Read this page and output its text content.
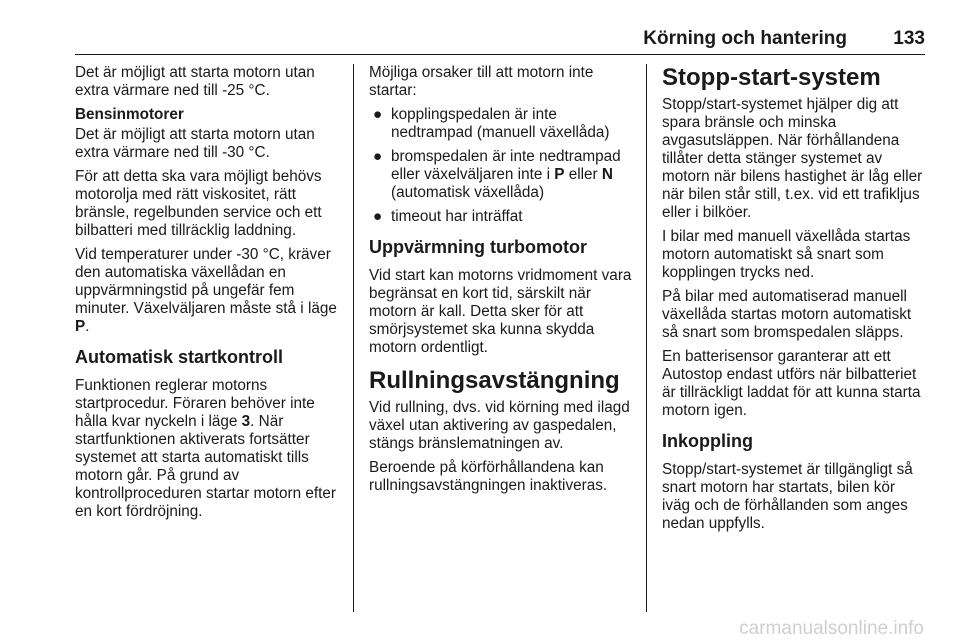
Körning och hantering 133

Det är möjligt att starta motorn utan extra värmare ned till -25 °C.

Bensinmotorer

Det är möjligt att starta motorn utan extra värmare ned till -30 °C.

För att detta ska vara möjligt behövs motorolja med rätt viskositet, rätt bränsle, regelbunden service och ett bilbatteri med tillräcklig laddning.

Vid temperaturer under -30 °C, kräver den automatiska växellådan en uppvärmningstid på ungefär fem minuter. Växelväljaren måste stå i läge P.

Automatisk startkontroll

Funktionen reglerar motorns startprocedur. Föraren behöver inte hålla kvar nyckeln i läge 3. När startfunktionen aktiverats fortsätter systemet att starta automatiskt tills motorn går. På grund av kontrollproceduren startar motorn efter en kort fördröjning.

Möjliga orsaker till att motorn inte startar:

● kopplingspedalen är inte nedtrampad (manuell växellåda)
● bromspedalen är inte nedtrampad eller växelväljaren inte i P eller N (automatisk växellåda)
● timeout har inträffat
Uppvärmning turbomotor

Vid start kan motorns vridmoment vara begränsat en kort tid, särskilt när motorn är kall. Detta sker för att smörjsystemet ska kunna skydda motorn ordentligt.

Rullningsavstängning

Vid rullning, dvs. vid körning med ilagd växel utan aktivering av gaspedalen, stängs bränslematningen av.

Beroende på körförhållandena kan rullningsavstängningen inaktiveras.

Stopp-start-system

Stopp/start-systemet hjälper dig att spara bränsle och minska avgasutsläppen. När förhållandena tillåter detta stänger systemet av motorn när bilens hastighet är låg eller när bilen står still, t.ex. vid ett trafikljus eller i bilköer.

I bilar med manuell växellåda startas motorn automatiskt så snart som kopplingen trycks ned.

På bilar med automatiserad manuell växellåda startas motorn automatiskt så snart som bromspedalen släpps.

En batterisensor garanterar att ett Autostop endast utförs när bilbatteriet är tillräckligt laddat för att kunna starta motorn igen.

Inkoppling

Stopp/start-systemet är tillgängligt så snart motorn har startats, bilen kör iväg och de förhållanden som anges nedan uppfylls.

carmanualsonline.info
